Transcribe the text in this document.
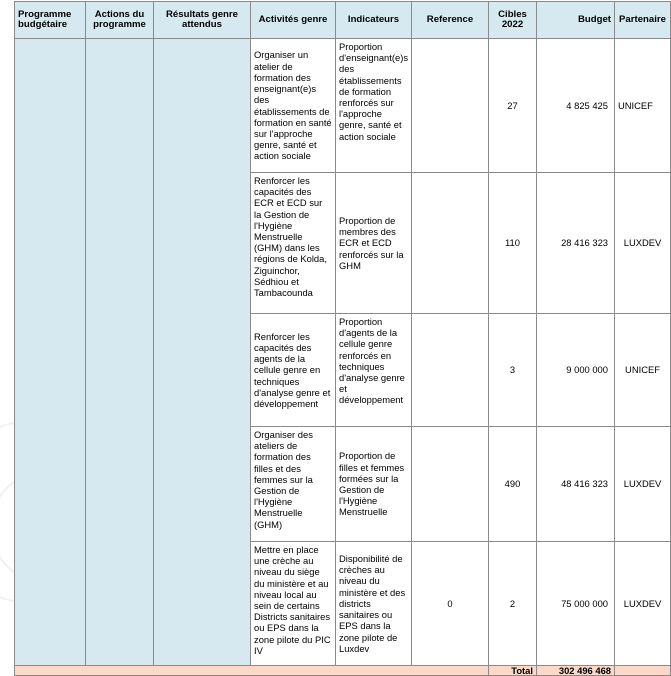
Programme budgétaire	Actions du programme	Résultats genre attendus	Activités genre	Indicateurs	Reference	Cibles 2022	Budget	Partenaire
			Organiser un atelier de formation des enseignant(e)s des établissements de formation en santé sur l'approche genre, santé et action sociale	Proportion d'enseignant(e)s des établissements de formation renforcés sur l'approche genre, santé et action sociale		27	4 825 425	UNICEF
			Renforcer les capacités des ECR et ECD sur la Gestion de l'Hygiène Menstruelle (GHM) dans les régions de Kolda, Ziguinchor, Sédhiou et Tambacounda	Proportion de membres des ECR et ECD renforcés sur la GHM		110	28 416 323	LUXDEV
			Renforcer les capacités des agents de la cellule genre en techniques d'analyse genre et développement	Proportion d'agents de la cellule genre renforcés en techniques d'analyse genre et développement		3	9 000 000	UNICEF
			Organiser des ateliers de formation des filles et des femmes sur la Gestion de l'Hygiène Menstruelle (GHM)	Proportion de filles et femmes formées sur la Gestion de l'Hygiène Menstruelle		490	48 416 323	LUXDEV
			Mettre en place une crèche au niveau du siège du ministère et au niveau local au sein de certains Districts sanitaires ou EPS dans la zone pilote du PIC IV	Disponibilité de crèches au niveau du ministère et des districts sanitaires ou EPS dans la zone pilote de Luxdev	0	2	75 000 000	LUXDEV
						Total	302 496 468	
